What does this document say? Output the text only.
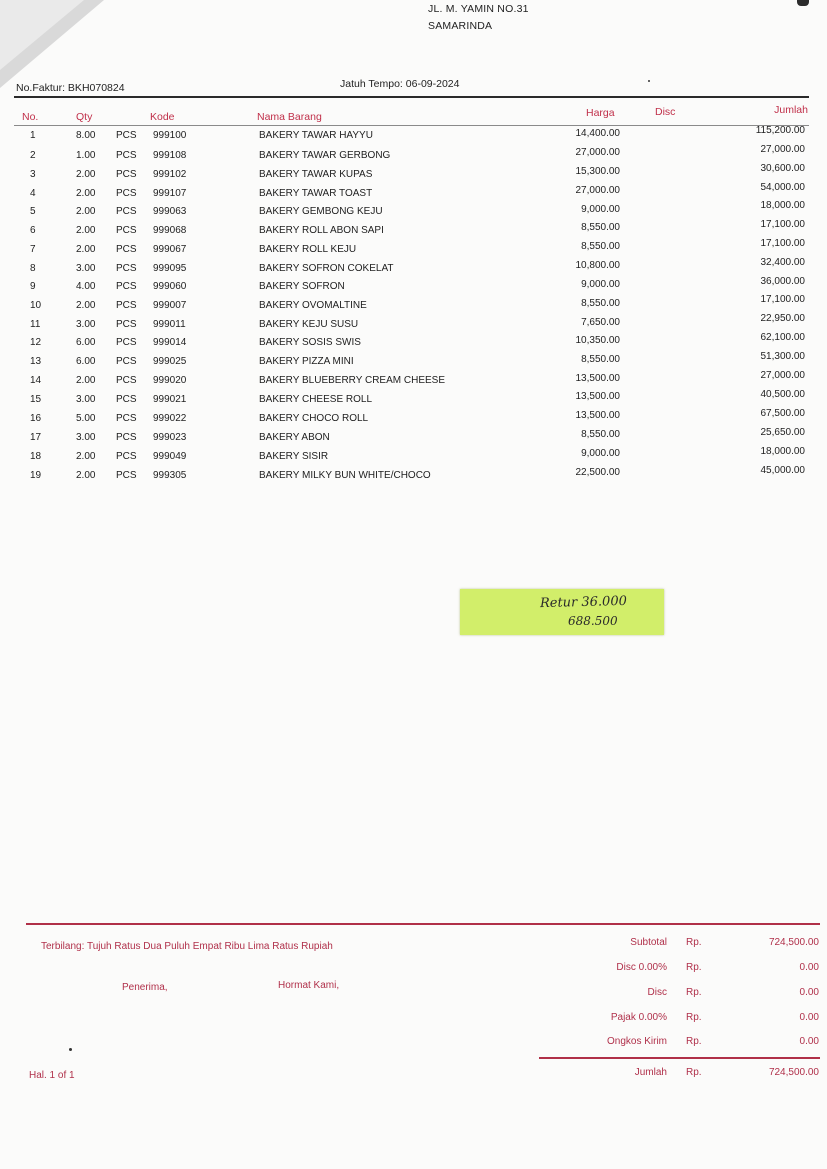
JL. M. YAMIN NO.31
SAMARINDA
No.Faktur: BKH070824	Jatuh Tempo: 06-09-2024
No.	Qty	Kode	Nama Barang	Harga	Disc	Jumlah
1	8.00 PCS 999100	BAKERY TAWAR HAYYU	14,400.00	115,200.00
2	1.00 PCS 999108	BAKERY TAWAR GERBONG	27,000.00	27,000.00
3	2.00 PCS 999102	BAKERY TAWAR KUPAS	15,300.00	30,600.00
4	2.00 PCS 999107	BAKERY TAWAR TOAST	27,000.00	54,000.00
5	2.00 PCS 999063	BAKERY GEMBONG KEJU	9,000.00	18,000.00
6	2.00 PCS 999068	BAKERY ROLL ABON SAPI	8,550.00	17,100.00
7	2.00 PCS 999067	BAKERY ROLL KEJU	8,550.00	17,100.00
8	3.00 PCS 999095	BAKERY SOFRON COKELAT	10,800.00	32,400.00
9	4.00 PCS 999060	BAKERY SOFRON	9,000.00	36,000.00
10	2.00 PCS 999007	BAKERY OVOMALTINE	8,550.00	17,100.00
11	3.00 PCS 999011	BAKERY KEJU SUSU	7,650.00	22,950.00
12	6.00 PCS 999014	BAKERY SOSIS SWIS	10,350.00	62,100.00
13	6.00 PCS 999025	BAKERY PIZZA MINI	8,550.00	51,300.00
14	2.00 PCS 999020	BAKERY BLUEBERRY CREAM CHEESE	13,500.00	27,000.00
15	3.00 PCS 999021	BAKERY CHEESE ROLL	13,500.00	40,500.00
16	5.00 PCS 999022	BAKERY CHOCO ROLL	13,500.00	67,500.00
17	3.00 PCS 999023	BAKERY ABON	8,550.00	25,650.00
18	2.00 PCS 999049	BAKERY SISIR	9,000.00	18,000.00
19	2.00 PCS 999305	BAKERY MILKY BUN WHITE/CHOCO	22,500.00	45,000.00
Retur 36.000
688.500
Terbilang: Tujuh Ratus Dua Puluh Empat Ribu Lima Ratus Rupiah
Penerima,	Hormat Kami,
Hal. 1 of 1
Subtotal Rp.	724,500.00
Disc 0.00% Rp.	0.00
Disc Rp.	0.00
Pajak 0.00% Rp.	0.00
Ongkos Kirim Rp.	0.00
Jumlah Rp.	724,500.00
